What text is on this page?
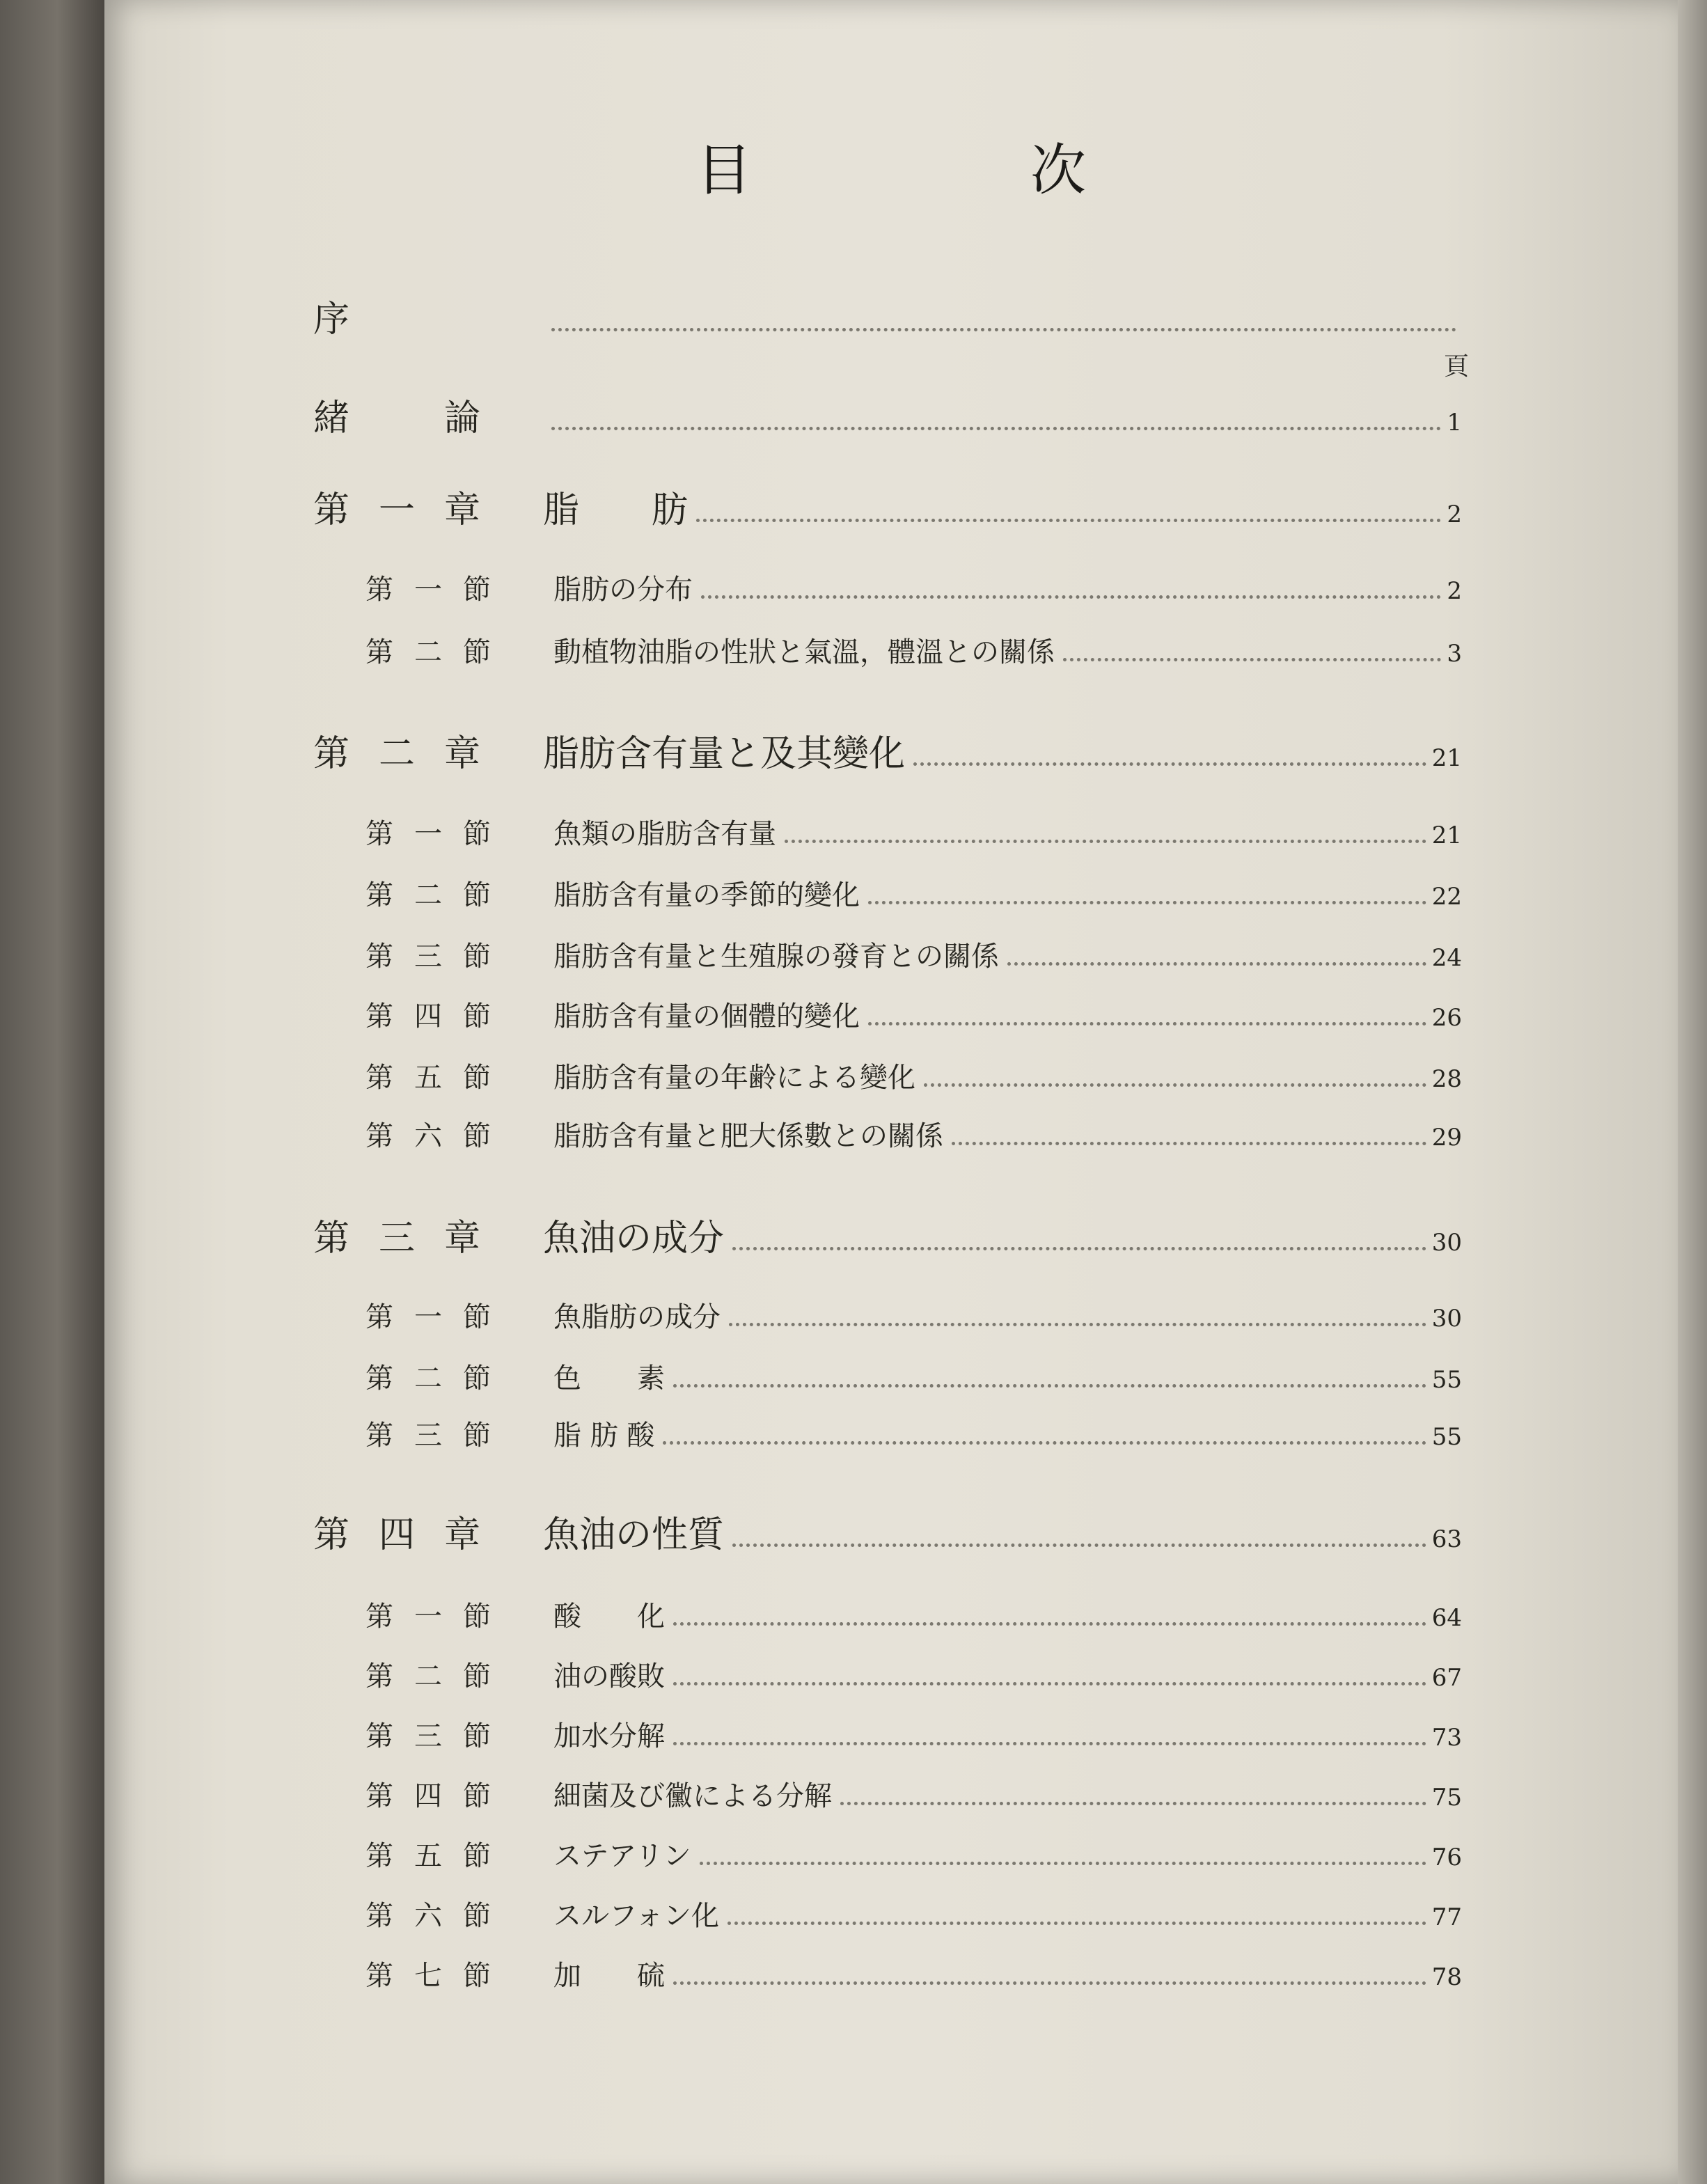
目	次
頁
序
緒	論	1
第 一 章 脂　　肪	2
第 一 節 脂肪の分布	2
第 二 節 動植物油脂の性狀と氣溫，體溫との關係	3
第 二 章 脂肪含有量と及其變化	21
第 一 節 魚類の脂肪含有量	21
第 二 節 脂肪含有量の季節的變化	22
第 三 節 脂肪含有量と生殖腺の發育との關係	24
第 四 節 脂肪含有量の個體的變化	26
第 五 節 脂肪含有量の年齢による變化	28
第 六 節 脂肪含有量と肥大係數との關係	29
第 三 章 魚油の成分	30
第 一 節 魚脂肪の成分	30
第 二 節 色　　素	55
第 三 節 脂 肪 酸	55
第 四 章 魚油の性質	63
第 一 節 酸　　化	64
第 二 節 油の酸敗	67
第 三 節 加水分解	73
第 四 節 細菌及び黴による分解	75
第 五 節 ステアリン	76
第 六 節 スルフォン化	77
第 七 節 加　　硫	78
